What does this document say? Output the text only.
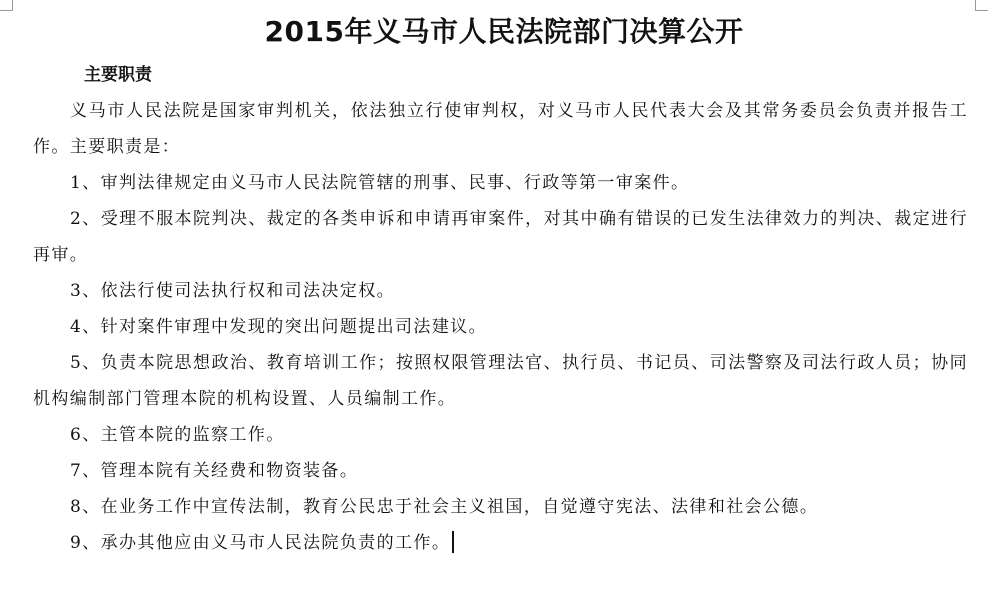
2015年义马市人民法院部门决算公开
主要职责

义马市人民法院是国家审判机关，依法独立行使审判权，对义马市人民代表大会及其常务委员会负责并报告工作。主要职责是：

1、审判法律规定由义马市人民法院管辖的刑事、民事、行政等第一审案件。

2、受理不服本院判决、裁定的各类申诉和申请再审案件，对其中确有错误的已发生法律效力的判决、裁定进行再审。

3、依法行使司法执行权和司法决定权。

4、针对案件审理中发现的突出问题提出司法建议。

5、负责本院思想政治、教育培训工作；按照权限管理法官、执行员、书记员、司法警察及司法行政人员；协同机构编制部门管理本院的机构设置、人员编制工作。

6、主管本院的监察工作。

7、管理本院有关经费和物资装备。

8、在业务工作中宣传法制，教育公民忠于社会主义祖国，自觉遵守宪法、法律和社会公德。

9、承办其他应由义马市人民法院负责的工作。
